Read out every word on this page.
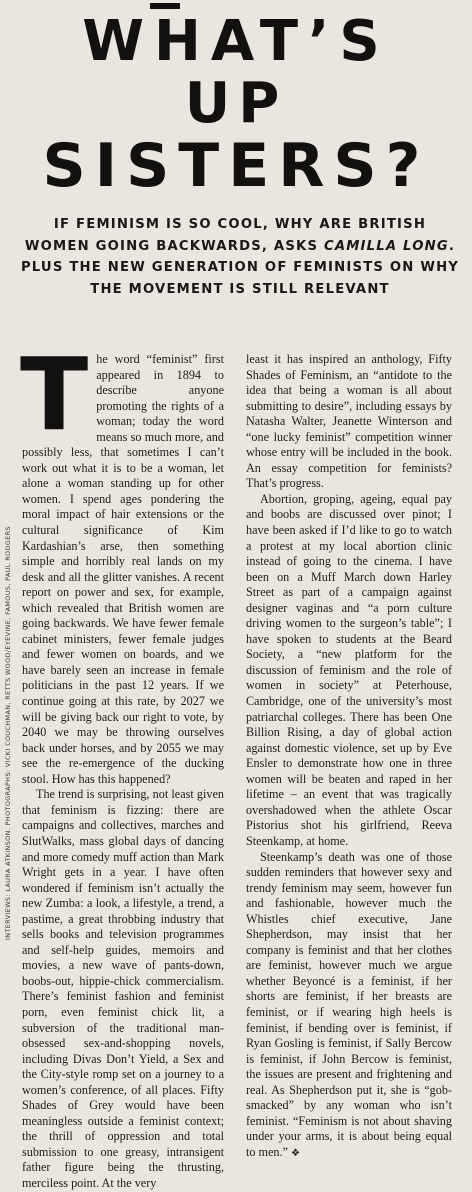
WHAT’S
UP
SISTERS?
IF FEMINISM IS SO COOL, WHY ARE BRITISH WOMEN GOING BACKWARDS, ASKS CAMILLA LONG. PLUS THE NEW GENERATION OF FEMINISTS ON WHY THE MOVEMENT IS STILL RELEVANT
INTERVIEWS: LAURA ATKINSON. PHOTOGRAPHS: VICKI COUCHMAN, RETTS WOOD/EYEVINE, FAMOUS, PAUL RODGERS
T he word “feminist” first appeared in 1894 to describe anyone promoting the rights of a woman; today the word means so much more, and possibly less, that sometimes I can’t work out what it is to be a woman, let alone a woman standing up for other women. I spend ages pondering the moral impact of hair extensions or the cultural significance of Kim Kardashian’s arse, then something simple and horribly real lands on my desk and all the glitter vanishes. A recent report on power and sex, for example, which revealed that British women are going backwards. We have fewer female cabinet ministers, fewer female judges and fewer women on boards, and we have barely seen an increase in female politicians in the past 12 years. If we continue going at this rate, by 2027 we will be giving back our right to vote, by 2040 we may be throwing ourselves back under horses, and by 2055 we may see the re-emergence of the ducking stool. How has this happened?

The trend is surprising, not least given that feminism is fizzing: there are campaigns and collectives, marches and SlutWalks, mass global days of dancing and more comedy muff action than Mark Wright gets in a year. I have often wondered if feminism isn’t actually the new Zumba: a look, a lifestyle, a trend, a pastime, a great throbbing industry that sells books and television programmes and self-help guides, memoirs and movies, a new wave of pants-down, boobs-out, hippie-chick commercialism. There’s feminist fashion and feminist porn, even feminist chick lit, a subversion of the traditional man-obsessed sex-and-shopping novels, including Divas Don’t Yield, a Sex and the City-style romp set on a journey to a women’s conference, of all places. Fifty Shades of Grey would have been meaningless outside a feminist context; the thrill of oppression and total submission to one greasy, intransigent father figure being the thrusting, merciless point. At the very

least it has inspired an anthology, Fifty Shades of Feminism, an “antidote to the idea that being a woman is all about submitting to desire”, including essays by Natasha Walter, Jeanette Winterson and “one lucky feminist” competition winner whose entry will be included in the book. An essay competition for feminists? That’s progress.

Abortion, groping, ageing, equal pay and boobs are discussed over pinot; I have been asked if I’d like to go to watch a protest at my local abortion clinic instead of going to the cinema. I have been on a Muff March down Harley Street as part of a campaign against designer vaginas and “a porn culture driving women to the surgeon’s table”; I have spoken to students at the Beard Society, a “new platform for the discussion of feminism and the role of women in society” at Peterhouse, Cambridge, one of the university’s most patriarchal colleges. There has been One Billion Rising, a day of global action against domestic violence, set up by Eve Ensler to demonstrate how one in three women will be beaten and raped in her lifetime – an event that was tragically overshadowed when the athlete Oscar Pistorius shot his girlfriend, Reeva Steenkamp, at home.

Steenkamp’s death was one of those sudden reminders that however sexy and trendy feminism may seem, however fun and fashionable, however much the Whistles chief executive, Jane Shepherdson, may insist that her company is feminist and that her clothes are feminist, however much we argue whether Beyoncé is a feminist, if her shorts are feminist, if her breasts are feminist, or if wearing high heels is feminist, if bending over is feminist, if Ryan Gosling is feminist, if Sally Bercow is feminist, if John Bercow is feminist, the issues are present and frightening and real. As Shepherdson put it, she is “gob-smacked” by any woman who isn’t feminist. “Feminism is not about shaving under your arms, it is about being equal to men.” ❖
